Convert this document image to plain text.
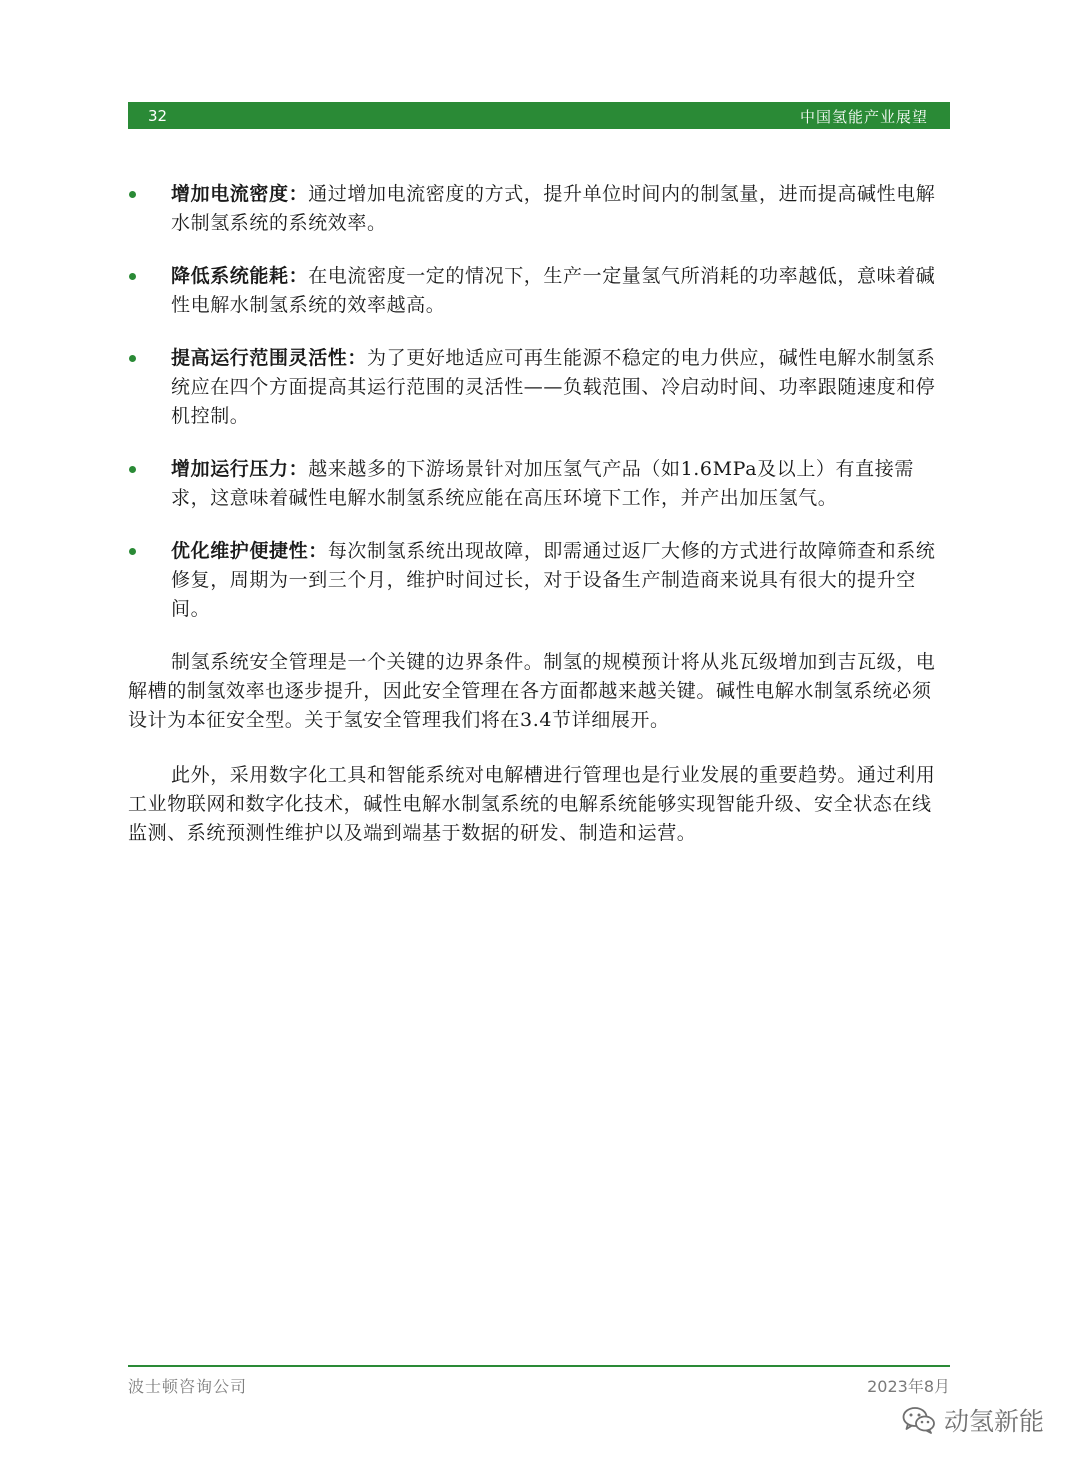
32	中国氢能产业展望
增加电流密度：通过增加电流密度的方式，提升单位时间内的制氢量，进而提高碱性电解水制氢系统的系统效率。
降低系统能耗：在电流密度一定的情况下，生产一定量氢气所消耗的功率越低，意味着碱性电解水制氢系统的效率越高。
提高运行范围灵活性：为了更好地适应可再生能源不稳定的电力供应，碱性电解水制氢系统应在四个方面提高其运行范围的灵活性——负载范围、冷启动时间、功率跟随速度和停机控制。
增加运行压力：越来越多的下游场景针对加压氢气产品（如1.6MPa及以上）有直接需求，这意味着碱性电解水制氢系统应能在高压环境下工作，并产出加压氢气。
优化维护便捷性：每次制氢系统出现故障，即需通过返厂大修的方式进行故障筛查和系统修复，周期为一到三个月，维护时间过长，对于设备生产制造商来说具有很大的提升空间。

制氢系统安全管理是一个关键的边界条件。制氢的规模预计将从兆瓦级增加到吉瓦级，电解槽的制氢效率也逐步提升，因此安全管理在各方面都越来越关键。碱性电解水制氢系统必须设计为本征安全型。关于氢安全管理我们将在3.4节详细展开。

此外，采用数字化工具和智能系统对电解槽进行管理也是行业发展的重要趋势。通过利用工业物联网和数字化技术，碱性电解水制氢系统的电解系统能够实现智能升级、安全状态在线监测、系统预测性维护以及端到端基于数据的研发、制造和运营。

波士顿咨询公司	2023年8月
动氢新能
